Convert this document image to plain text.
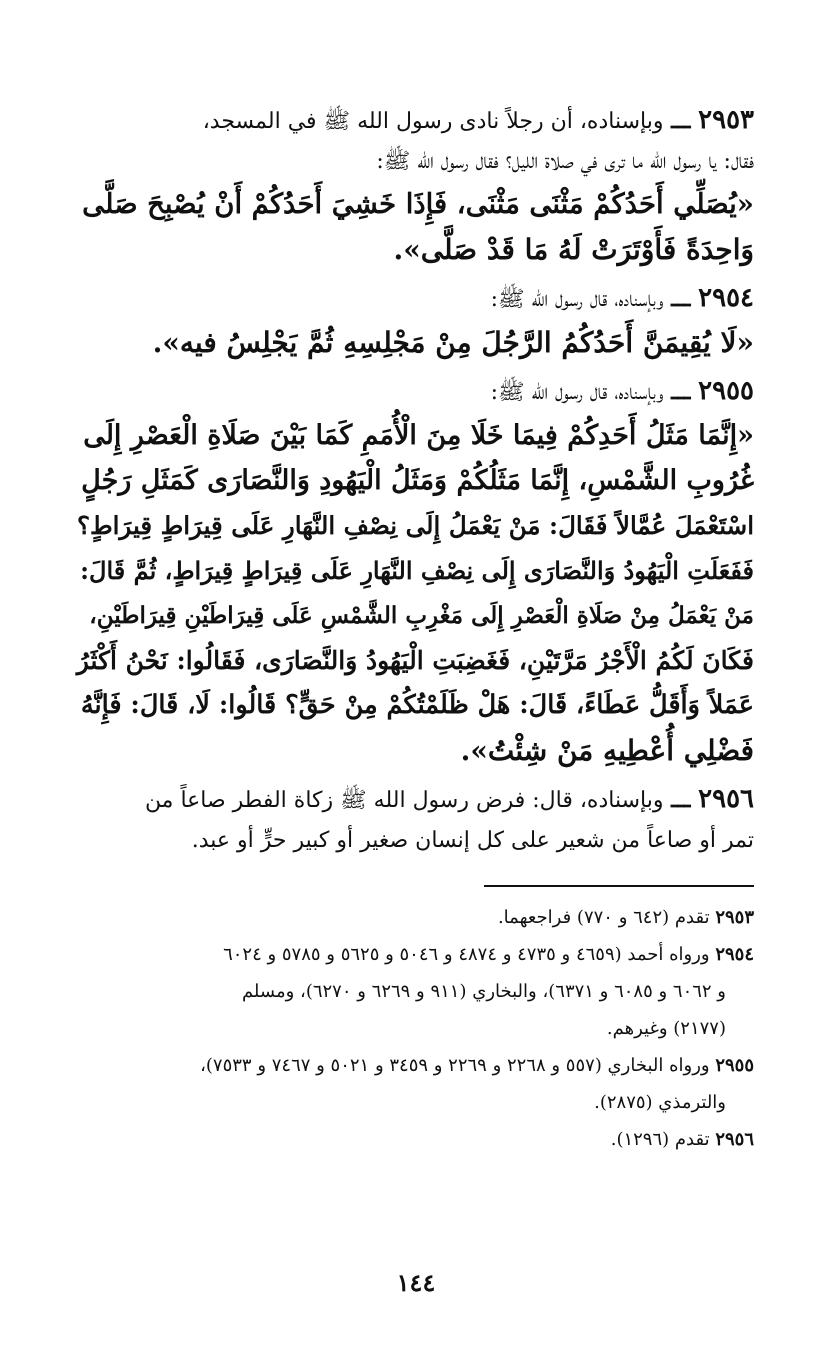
٢٩٥٣ ـــ وبإسناده، أن رجلاً نادى رسول الله ﷺ في المسجد،
فقال: يا رسول الله ما ترى في صلاة الليل؟ فقال رسول الله ﷺ:
«يُصَلِّي أَحَدُكُمْ مَثْنَى مَثْنَى، فَإِذَا خَشِيَ أَحَدُكُمْ أَنْ يُصْبِحَ صَلَّى
وَاحِدَةً فَأَوْتَرَتْ لَهُ مَا قَدْ صَلَّى».
٢٩٥٤ ـــ وبإسناده، قال رسول الله ﷺ:
«لَا يُقِيمَنَّ أَحَدُكُمُ الرَّجُلَ مِنْ مَجْلِسِهِ ثُمَّ يَجْلِسُ فيه».
٢٩٥٥ ـــ وبإسناده، قال رسول الله ﷺ:
«إِنَّمَا مَثَلُ أَحَدِكُمْ فِيمَا خَلَا مِنَ الْأُمَمِ كَمَا بَيْنَ صَلَاةِ الْعَصْرِ إِلَى
غُرُوبِ الشَّمْسِ، إِنَّمَا مَثَلُكُمْ وَمَثَلُ الْيَهُودِ وَالنَّصَارَى كَمَثَلِ رَجُلٍ
اسْتَعْمَلَ عُمَّالاً فَقَالَ: مَنْ يَعْمَلُ إِلَى نِصْفِ النَّهَارِ عَلَى قِيرَاطٍ قِيرَاطٍ؟
فَفَعَلَتِ الْيَهُودُ وَالنَّصَارَى إِلَى نِصْفِ النَّهَارِ عَلَى قِيرَاطٍ قِيرَاطٍ، ثُمَّ قَالَ:
مَنْ يَعْمَلُ مِنْ صَلَاةِ الْعَصْرِ إِلَى مَغْرِبِ الشَّمْسِ عَلَى قِيرَاطَيْنِ قِيرَاطَيْنِ،
فَكَانَ لَكُمُ الْأَجْرُ مَرَّتَيْنِ، فَغَضِبَتِ الْيَهُودُ وَالنَّصَارَى، فَقَالُوا: نَحْنُ أَكْثَرُ
عَمَلاً وَأَقَلُّ عَطَاءً، قَالَ: هَلْ ظَلَمْتُكُمْ مِنْ حَقٍّ؟ قَالُوا: لَا، قَالَ: فَإِنَّهُ
فَضْلِي أُعْطِيهِ مَنْ شِئْتُ».
٢٩٥٦ ـــ وبإسناده، قال: فرض رسول الله ﷺ زكاة الفطر صاعاً من
تمر أو صاعاً من شعير على كل إنسان صغير أو كبير حرٍّ أو عبد.
٢٩٥٣ تقدم (٦٤٢ و ٧٧٠) فراجعهما.
٢٩٥٤ ورواه أحمد (٤٦٥٩ و ٤٧٣٥ و ٤٨٧٤ و ٥٠٤٦ و ٥٦٢٥ و ٥٧٨٥ و ٦٠٢٤
و ٦٠٦٢ و ٦٠٨٥ و ٦٣٧١)، والبخاري (٩١١ و ٦٢٦٩ و ٦٢٧٠)، ومسلم
(٢١٧٧) وغيرهم.
٢٩٥٥ ورواه البخاري (٥٥٧ و ٢٢٦٨ و ٢٢٦٩ و ٣٤٥٩ و ٥٠٢١ و ٧٤٦٧ و ٧٥٣٣)،
والترمذي (٢٨٧٥).
٢٩٥٦ تقدم (١٢٩٦).
١٤٤
